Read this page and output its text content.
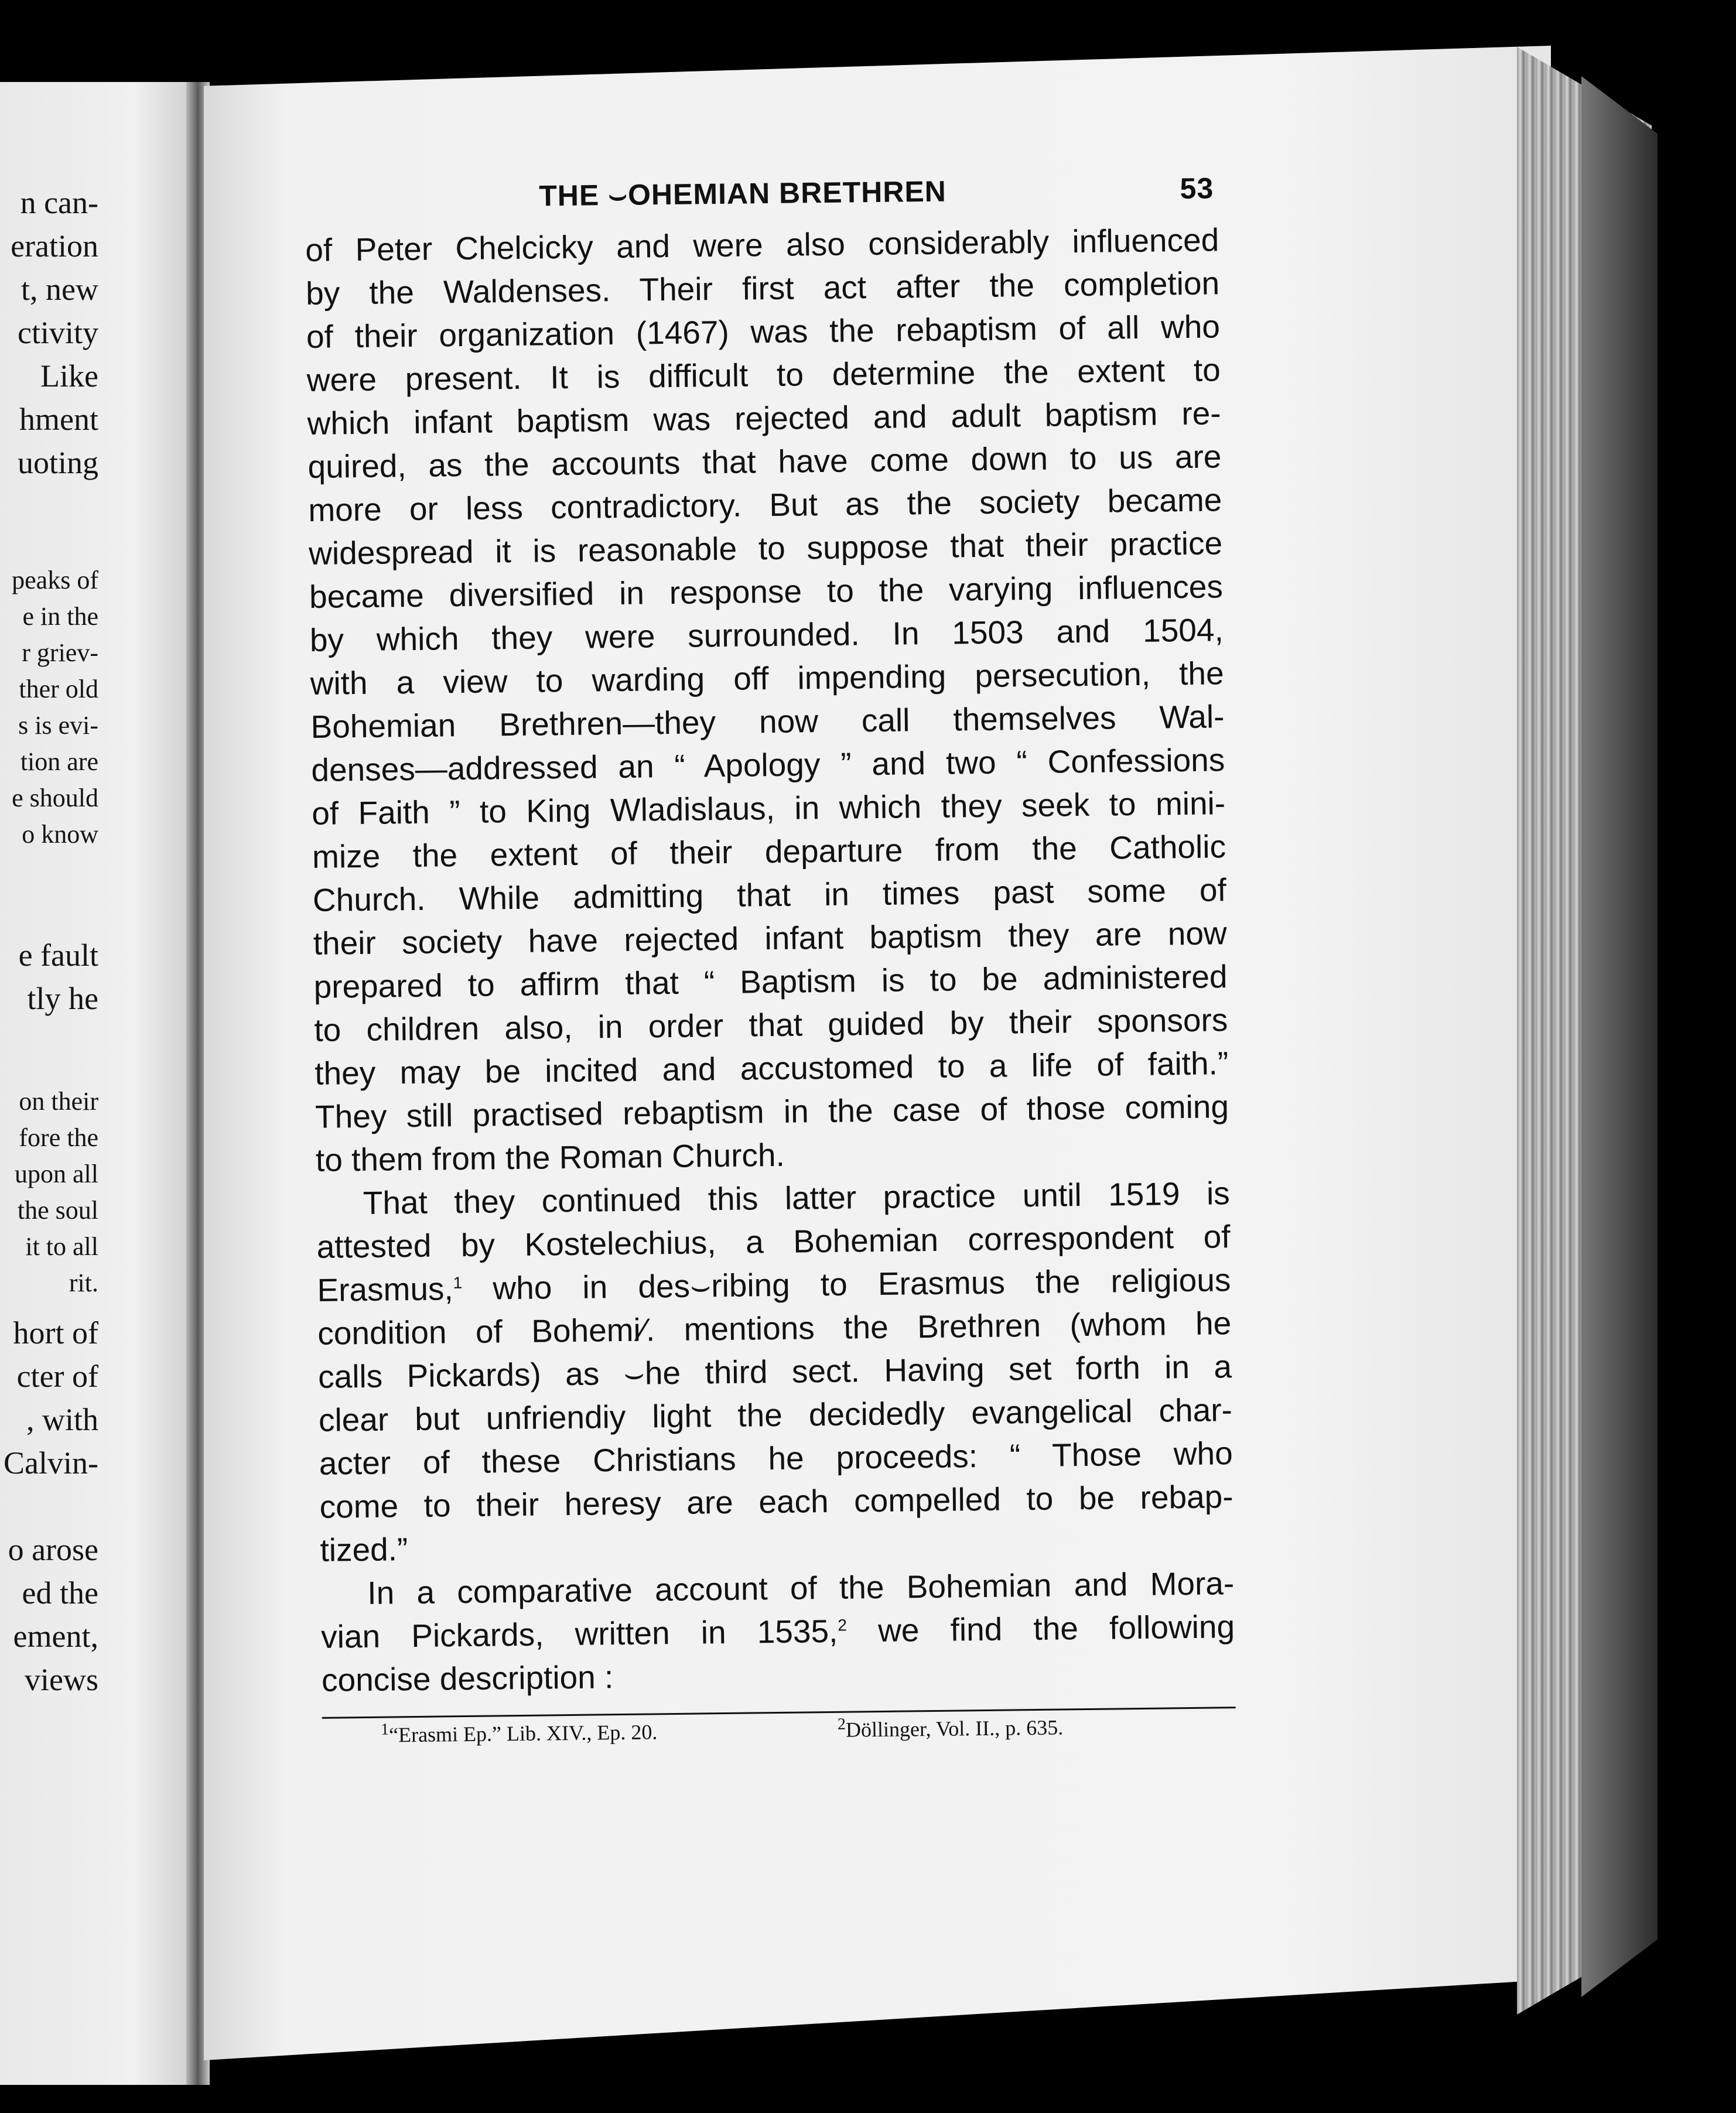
n can-
eration
t, new
ctivity
Like
hment
uoting
peaks of
e in the
r griev-
ther old
s is evi-
tion are
e should
o know
e fault
tly he
on their
fore the
upon all
the soul
it to all
rit.
hort of
cter of
, with
Calvin-
o arose
ed the
ement,
views
THE ⌣OHEMIAN BRETHREN	53
of Peter Chelcicky and were also considerably influenced
by the Waldenses. Their first act after the completion
of their organization (1467) was the rebaptism of all who
were present. It is difficult to determine the extent to
which infant baptism was rejected and adult baptism re-
quired, as the accounts that have come down to us are
more or less contradictory. But as the society became
widespread it is reasonable to suppose that their practice
became diversified in response to the varying influences
by which they were surrounded. In 1503 and 1504,
with a view to warding off impending persecution, the
Bohemian Brethren—they now call themselves Wal-
denses—addressed an “ Apology ” and two “ Confessions
of Faith ” to King Wladislaus, in which they seek to mini-
mize the extent of their departure from the Catholic
Church. While admitting that in times past some of
their society have rejected infant baptism they are now
prepared to affirm that “ Baptism is to be administered
to children also, in order that guided by their sponsors
they may be incited and accustomed to a life of faith.”
They still practised rebaptism in the case of those coming
to them from the Roman Church.
That they continued this latter practice until 1519 is
attested by Kostelechius, a Bohemian correspondent of
Erasmus,$^1$ who in des⌣ribing to Erasmus the religious
condition of Bohemi⁄. mentions the Brethren (whom he
calls Pickards) as ⌣he third sect. Having set forth in a
clear but unfriendiy light the decidedly evangelical char-
acter of these Christians he proceeds: “ Those who
come to their heresy are each compelled to be rebap-
tized.”
In a comparative account of the Bohemian and Mora-
vian Pickards, written in 1535,$^2$ we find the following
concise description :
$^1$“Erasmi Ep.” Lib. XIV., Ep. 20.	$^2$Döllinger, Vol. II., p. 635.
